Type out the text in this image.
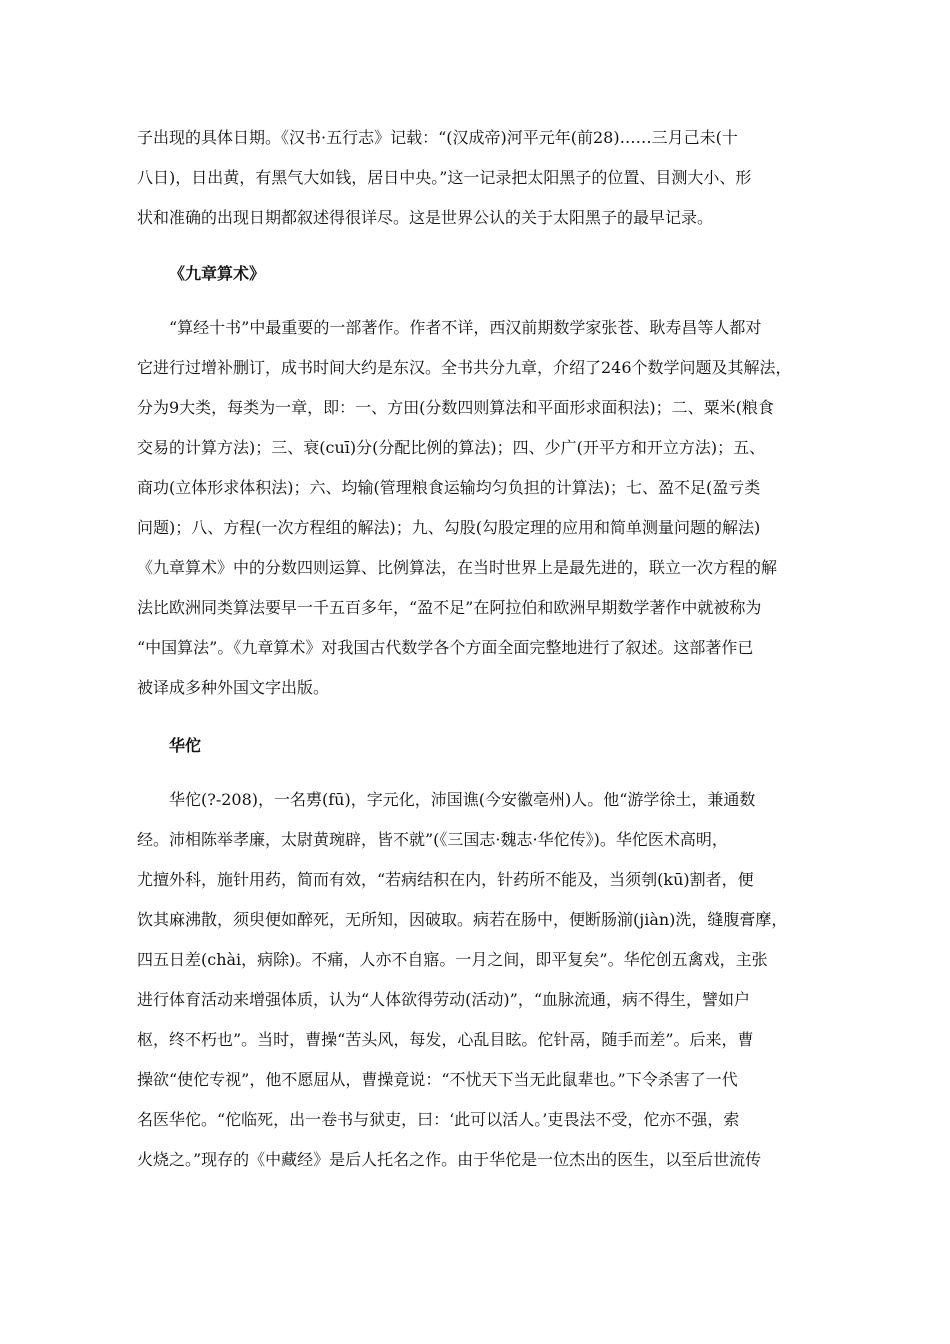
子出现的具体日期。《汉书·五行志》记载：“(汉成帝)河平元年(前28)……三月己未(十
八日)，日出黄，有黑气大如钱，居日中央。”这一记录把太阳黑子的位置、目测大小、形
状和准确的出现日期都叙述得很详尽。这是世界公认的关于太阳黑子的最早记录。
《九章算术》
“算经十书”中最重要的一部著作。作者不详，西汉前期数学家张苍、耿寿昌等人都对
它进行过增补删订，成书时间大约是东汉。全书共分九章，介绍了246个数学问题及其解法，
分为9大类，每类为一章，即：一、方田(分数四则算法和平面形求面积法)；二、粟米(粮食
交易的计算方法)；三、衰(cuī)分(分配比例的算法)；四、少广(开平方和开立方法)；五、
商功(立体形求体积法)；六、均输(管理粮食运输均匀负担的计算法)；七、盈不足(盈亏类
问题)；八、方程(一次方程组的解法)；九、勾股(勾股定理的应用和简单测量问题的解法)
《九章算术》中的分数四则运算、比例算法，在当时世界上是最先进的，联立一次方程的解
法比欧洲同类算法要早一千五百多年，“盈不足”在阿拉伯和欧洲早期数学著作中就被称为
“中国算法”。《九章算术》对我国古代数学各个方面全面完整地进行了叙述。这部著作已
被译成多种外国文字出版。
华佗
华佗(?-208)，一名旉(fū)，字元化，沛国谯(今安徽亳州)人。他“游学徐土，兼通数
经。沛相陈举孝廉，太尉黄琬辟，皆不就”(《三国志·魏志·华佗传》)。华佗医术高明，
尤擅外科，施针用药，简而有效，“若病结积在内，针药所不能及，当须刳(kū)割者，便
饮其麻沸散，须臾便如醉死，无所知，因破取。病若在肠中，便断肠湔(jiàn)洗，缝腹膏摩，
四五日差(chài，病除)。不痛，人亦不自寤。一月之间，即平复矣”。华佗创五禽戏，主张
进行体育活动来增强体质，认为“人体欲得劳动(活动)”，“血脉流通，病不得生，譬如户
枢，终不朽也”。当时，曹操“苦头风，每发，心乱目眩。佗针鬲，随手而差”。后来，曹
操欲“使佗专视”，他不愿屈从，曹操竟说：“不忧天下当无此鼠辈也。”下令杀害了一代
名医华佗。“佗临死，出一卷书与狱吏，曰：‘此可以活人。’吏畏法不受，佗亦不强，索
火烧之。”现存的《中藏经》是后人托名之作。由于华佗是一位杰出的医生，以至后世流传
